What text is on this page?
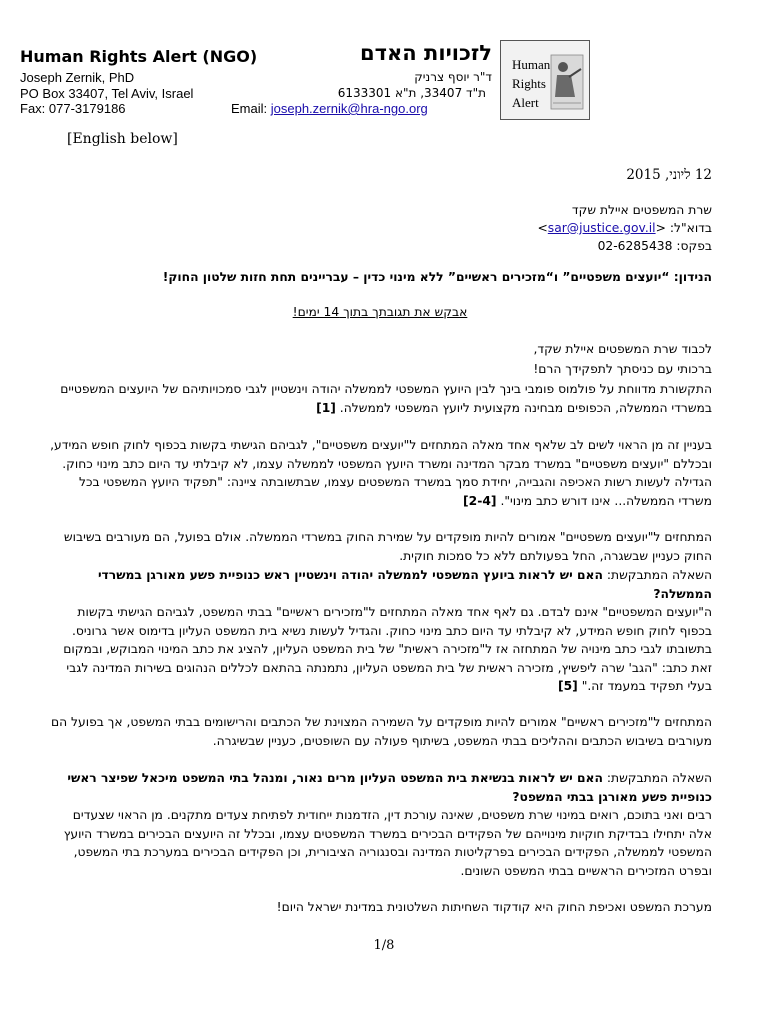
Human Rights Alert (NGO)	לזכויות האדם
Joseph Zernik, PhD
PO Box 33407, Tel Aviv, Israel
Fax: 077-3179186
ד"ר יוסף צרניק
ת"ד 33407, ת"א 6133301
Email: joseph.zernik@hra-ngo.org
Human
Rights
Alert
[English below]
12 ליוני, 2015
שרת המשפטים איילת שקד
בדוא"ל: <sar@justice.gov.il>
בפקס: 02-6285438
הנידון: “יועצים משפטיים” ו“מזכירים ראשיים” ללא מינוי כדין – עבריינים תחת חזות שלטון החוק!
אבקש את תגובתך בתוך 14 ימים!
לכבוד שרת המשפטים איילת שקד,
ברכותי עם כניסתך לתפקידך הרם!
התקשורת מדווחת על פולמוס פומבי בינך לבין היועץ המשפטי לממשלה יהודה וינשטיין לגבי סמכויותיהם של היועצים המשפטיים במשרדי הממשלה, הכפופים מבחינה מקצועית ליועץ המשפטי לממשלה. [1]
בעניין זה מן הראוי לשים לב שלאף אחד מאלה המתחזים ל"יועצים משפטיים", לגביהם הגישתי בקשות בכפוף לחוק חופש המידע, ובכללם "יועצים משפטיים" במשרד מבקר המדינה ומשרד היועץ המשפטי לממשלה עצמו, לא קיבלתי עד היום כתב מינוי כחוק. הגדילה לעשות רשות האכיפה והגבייה, יחידת סמך במשרד המשפטים עצמו, שבתשובתה ציינה: "תפקיד היועץ המשפטי בכל משרדי הממשלה... אינו דורש כתב מינוי". [2-4]
המתחזים ל"יועצים משפטיים" אמורים להיות מופקדים על שמירת החוק במשרדי הממשלה. אולם בפועל, הם מעורבים בשיבוש החוק כעניין שבשגרה, החל בפעולתם ללא כל סמכות חוקית.
השאלה המתבקשת: האם יש לראות ביועץ המשפטי לממשלה יהודה וינשטיין ראש כנופיית פשע מאורגן במשרדי הממשלה?
ה"יועצים המשפטיים" אינם לבדם. גם לאף אחד מאלה המתחזים ל"מזכירים ראשיים" בבתי המשפט, לגביהם הגישתי בקשות בכפוף לחוק חופש המידע, לא קיבלתי עד היום כתב מינוי כחוק. והגדיל לעשות נשיא בית המשפט העליון בדימוס אשר גרוניס. בתשובתו לגבי כתב מינויה של המתחזה אז ל"מזכירה ראשית" של בית המשפט העליון, להציג את כתב המינוי המבוקש, ובמקום זאת כתב: "הגב' שרה ליפשיץ, מזכירה ראשית של בית המשפט העליון, נתמנתה בהתאם לכללים הנהוגים בשירות המדינה לגבי בעלי תפקיד במעמד זה." [5]
המתחזים ל"מזכירים ראשיים" אמורים להיות מופקדים על השמירה המצוינת של הכתבים והרישומים בבתי המשפט, אך בפועל הם מעורבים בשיבוש הכתבים וההליכים בבתי המשפט, בשיתוף פעולה עם השופטים, כעניין שבשיגרה.
השאלה המתבקשת: האם יש לראות בנשיאת בית המשפט העליון מרים נאור, ומנהל בתי המשפט מיכאל שפיצר ראשי כנופיית פשע מאורגן בבתי המשפט?
רבים ואני בתוכם, רואים במינוי שרת משפטים, שאינה עורכת דין, הזדמנות ייחודית לפתיחת צעדים מתקנים. מן הראוי שצעדים אלה יתחילו בבדיקת חוקיות מינוייהם של הפקידים הבכירים במשרד המשפטים עצמו, ובכלל זה היועצים הבכירים במשרד היועץ המשפטי לממשלה, הפקידים הבכירים בפרקליטות המדינה ובסנגוריה הציבורית, וכן הפקידים הבכירים במערכת בתי המשפט, ובפרט המזכירים הראשיים בבתי המשפט השונים.
מערכת המשפט ואכיפת החוק היא קודקוד השחיתות השלטונית במדינת ישראל היום!
1/8
